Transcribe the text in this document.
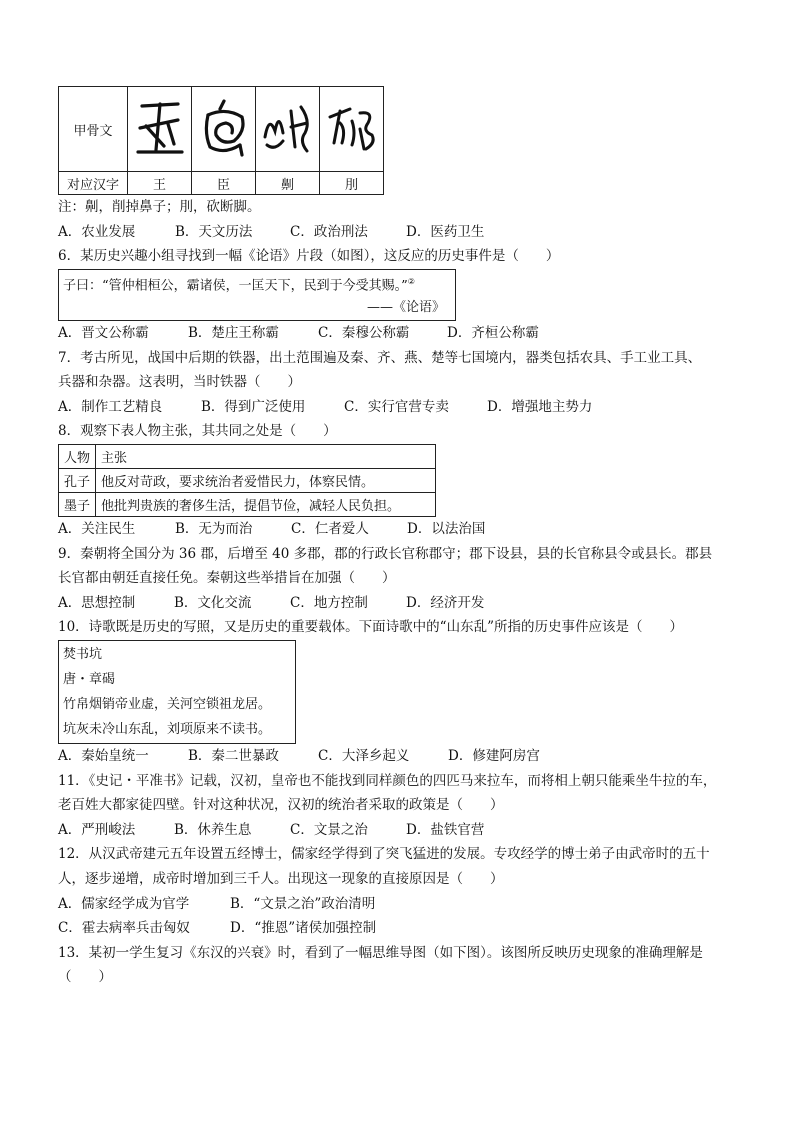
甲骨文	

对应汉字	王	臣	劓	刖
注：劓，削掉鼻子；刖，砍断脚。
A．农业发展	B．天文历法	C．政治刑法	D．医药卫生
6．某历史兴趣小组寻找到一幅《论语》片段（如图），这反应的历史事件是（　　）
子曰：“管仲相桓公，霸诸侯，一匡天下，民到于今受其赐。”②
——《论语》
A．晋文公称霸	B．楚庄王称霸	C．秦穆公称霸	D．齐桓公称霸
7．考古所见，战国中后期的铁器，出土范围遍及秦、齐、燕、楚等七国境内，器类包括农具、手工业工具、
兵器和杂器。这表明，当时铁器（　　）
A．制作工艺精良	B．得到广泛使用	C．实行官营专卖	D．增强地主势力
8．观察下表人物主张，其共同之处是（　　）
人物	主张
孔子	他反对苛政，要求统治者爱惜民力，体察民情。
墨子	他批判贵族的奢侈生活，提倡节俭，减轻人民负担。
A．关注民生	B．无为而治	C．仁者爱人	D．以法治国
9．秦朝将全国分为 36 郡，后增至 40 多郡，郡的行政长官称郡守；郡下设县，县的长官称县令或县长。郡县
长官都由朝廷直接任免。秦朝这些举措旨在加强（　　）
A．思想控制	B．文化交流	C．地方控制	D．经济开发
10．诗歌既是历史的写照，又是历史的重要载体。下面诗歌中的“山东乱”所指的历史事件应该是（　　）
焚书坑
唐・章碣
竹帛烟销帝业虚，关河空锁祖龙居。
坑灰未冷山东乱，刘项原来不读书。
A．秦始皇统一	B．秦二世暴政	C．大泽乡起义	D．修建阿房宫
11．《史记・平准书》记载，汉初，皇帝也不能找到同样颜色的四匹马来拉车，而将相上朝只能乘坐牛拉的车，
老百姓大都家徒四壁。针对这种状况，汉初的统治者采取的政策是（　　）
A．严刑峻法	B．休养生息	C．文景之治	D．盐铁官营
12．从汉武帝建元五年设置五经博士，儒家经学得到了突飞猛进的发展。专攻经学的博士弟子由武帝时的五十
人，逐步递增，成帝时增加到三千人。出现这一现象的直接原因是（　　）
A．儒家经学成为官学	B．“文景之治”政治清明
C．霍去病率兵击匈奴	D．“推恩”诸侯加强控制
13．某初一学生复习《东汉的兴衰》时，看到了一幅思维导图（如下图）。该图所反映历史现象的准确理解是
（　　）
